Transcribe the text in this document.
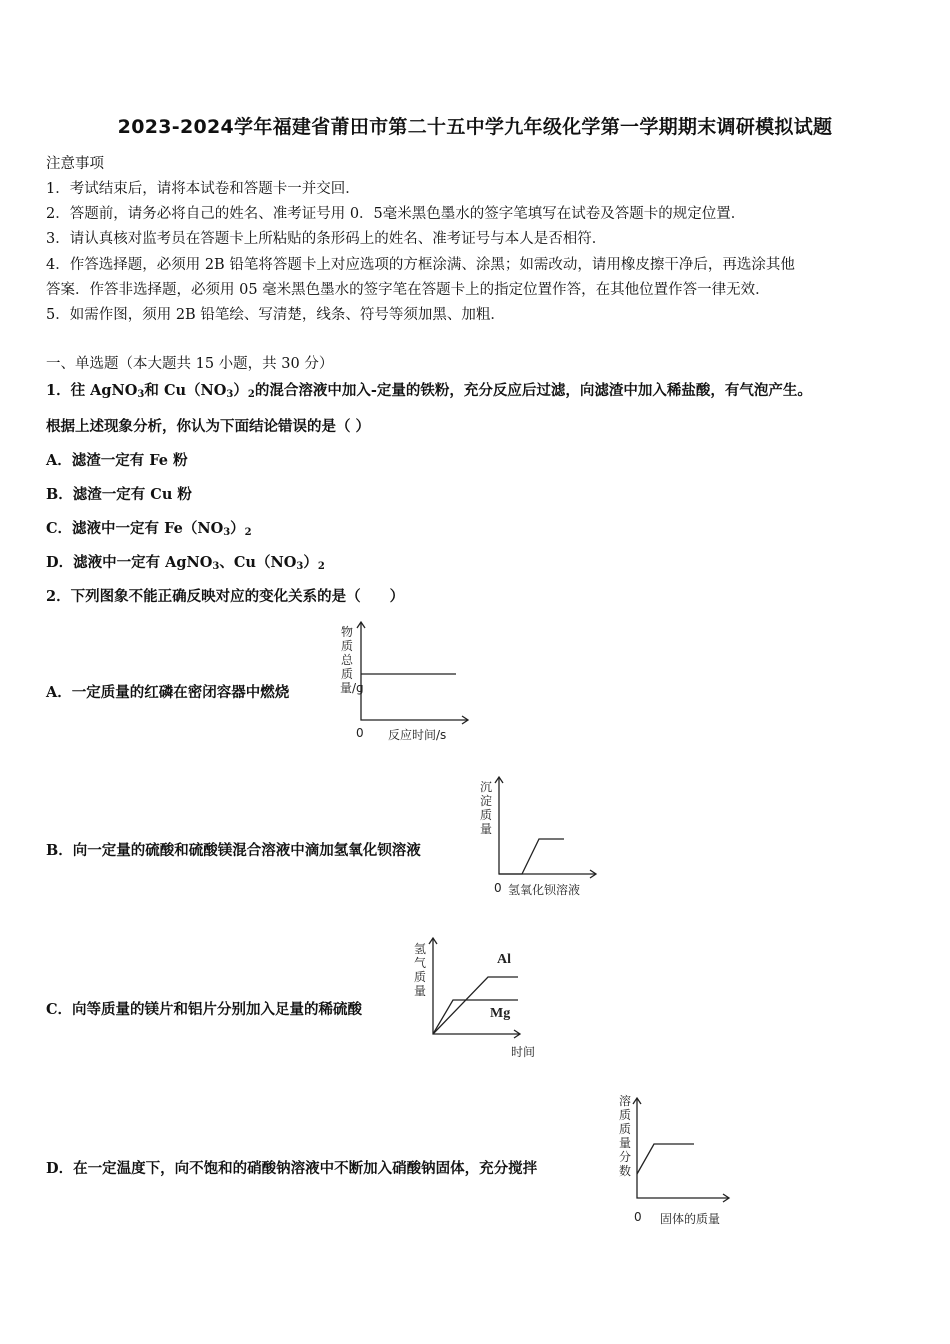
2023-2024学年福建省莆田市第二十五中学九年级化学第一学期期末调研模拟试题
注意事项
1．考试结束后，请将本试卷和答题卡一并交回．
2．答题前，请务必将自己的姓名、准考证号用 0．5毫米黑色墨水的签字笔填写在试卷及答题卡的规定位置．
3．请认真核对监考员在答题卡上所粘贴的条形码上的姓名、准考证号与本人是否相符．
4．作答选择题，必须用 2B 铅笔将答题卡上对应选项的方框涂满、涂黑；如需改动，请用橡皮擦干净后，再选涂其他
答案．作答非选择题，必须用 05 毫米黑色墨水的签字笔在答题卡上的指定位置作答，在其他位置作答一律无效．
5．如需作图，须用 2B 铅笔绘、写清楚，线条、符号等须加黑、加粗．
一、单选题（本大题共 15 小题，共 30 分）
1．往 AgNO$_3$和 $Cu(NO_3)_2$的混合溶液中加入-定量的铁粉，充分反应后过滤，向滤渣中加入稀盐酸，有气泡产生。
根据上述现象分析，你认为下面结论错误的是（ ）
A．滤渣一定有 Fe 粉
B．滤渣一定有 Cu 粉
C．滤液中一定有 $Fe(NO_3)_2$
D．滤液中一定有 AgNO$_3$、$Cu(NO_3)_2$
2．下列图象不能正确反映对应的变化关系的是（　　）
A．一定质量的红磷在密闭容器中燃烧
物质总质量/g
0 反应时间/s
B．向一定量的硫酸和硫酸镁混合溶液中滴加氢氧化钡溶液
沉淀质量
0 氢氧化钡溶液
C．向等质量的镁片和铝片分别加入足量的稀硫酸
氢气质量
时间
Al
Mg
D．在一定温度下，向不饱和的硝酸钠溶液中不断加入硝酸钠固体，充分搅拌
溶质质量分数
0 固体的质量
